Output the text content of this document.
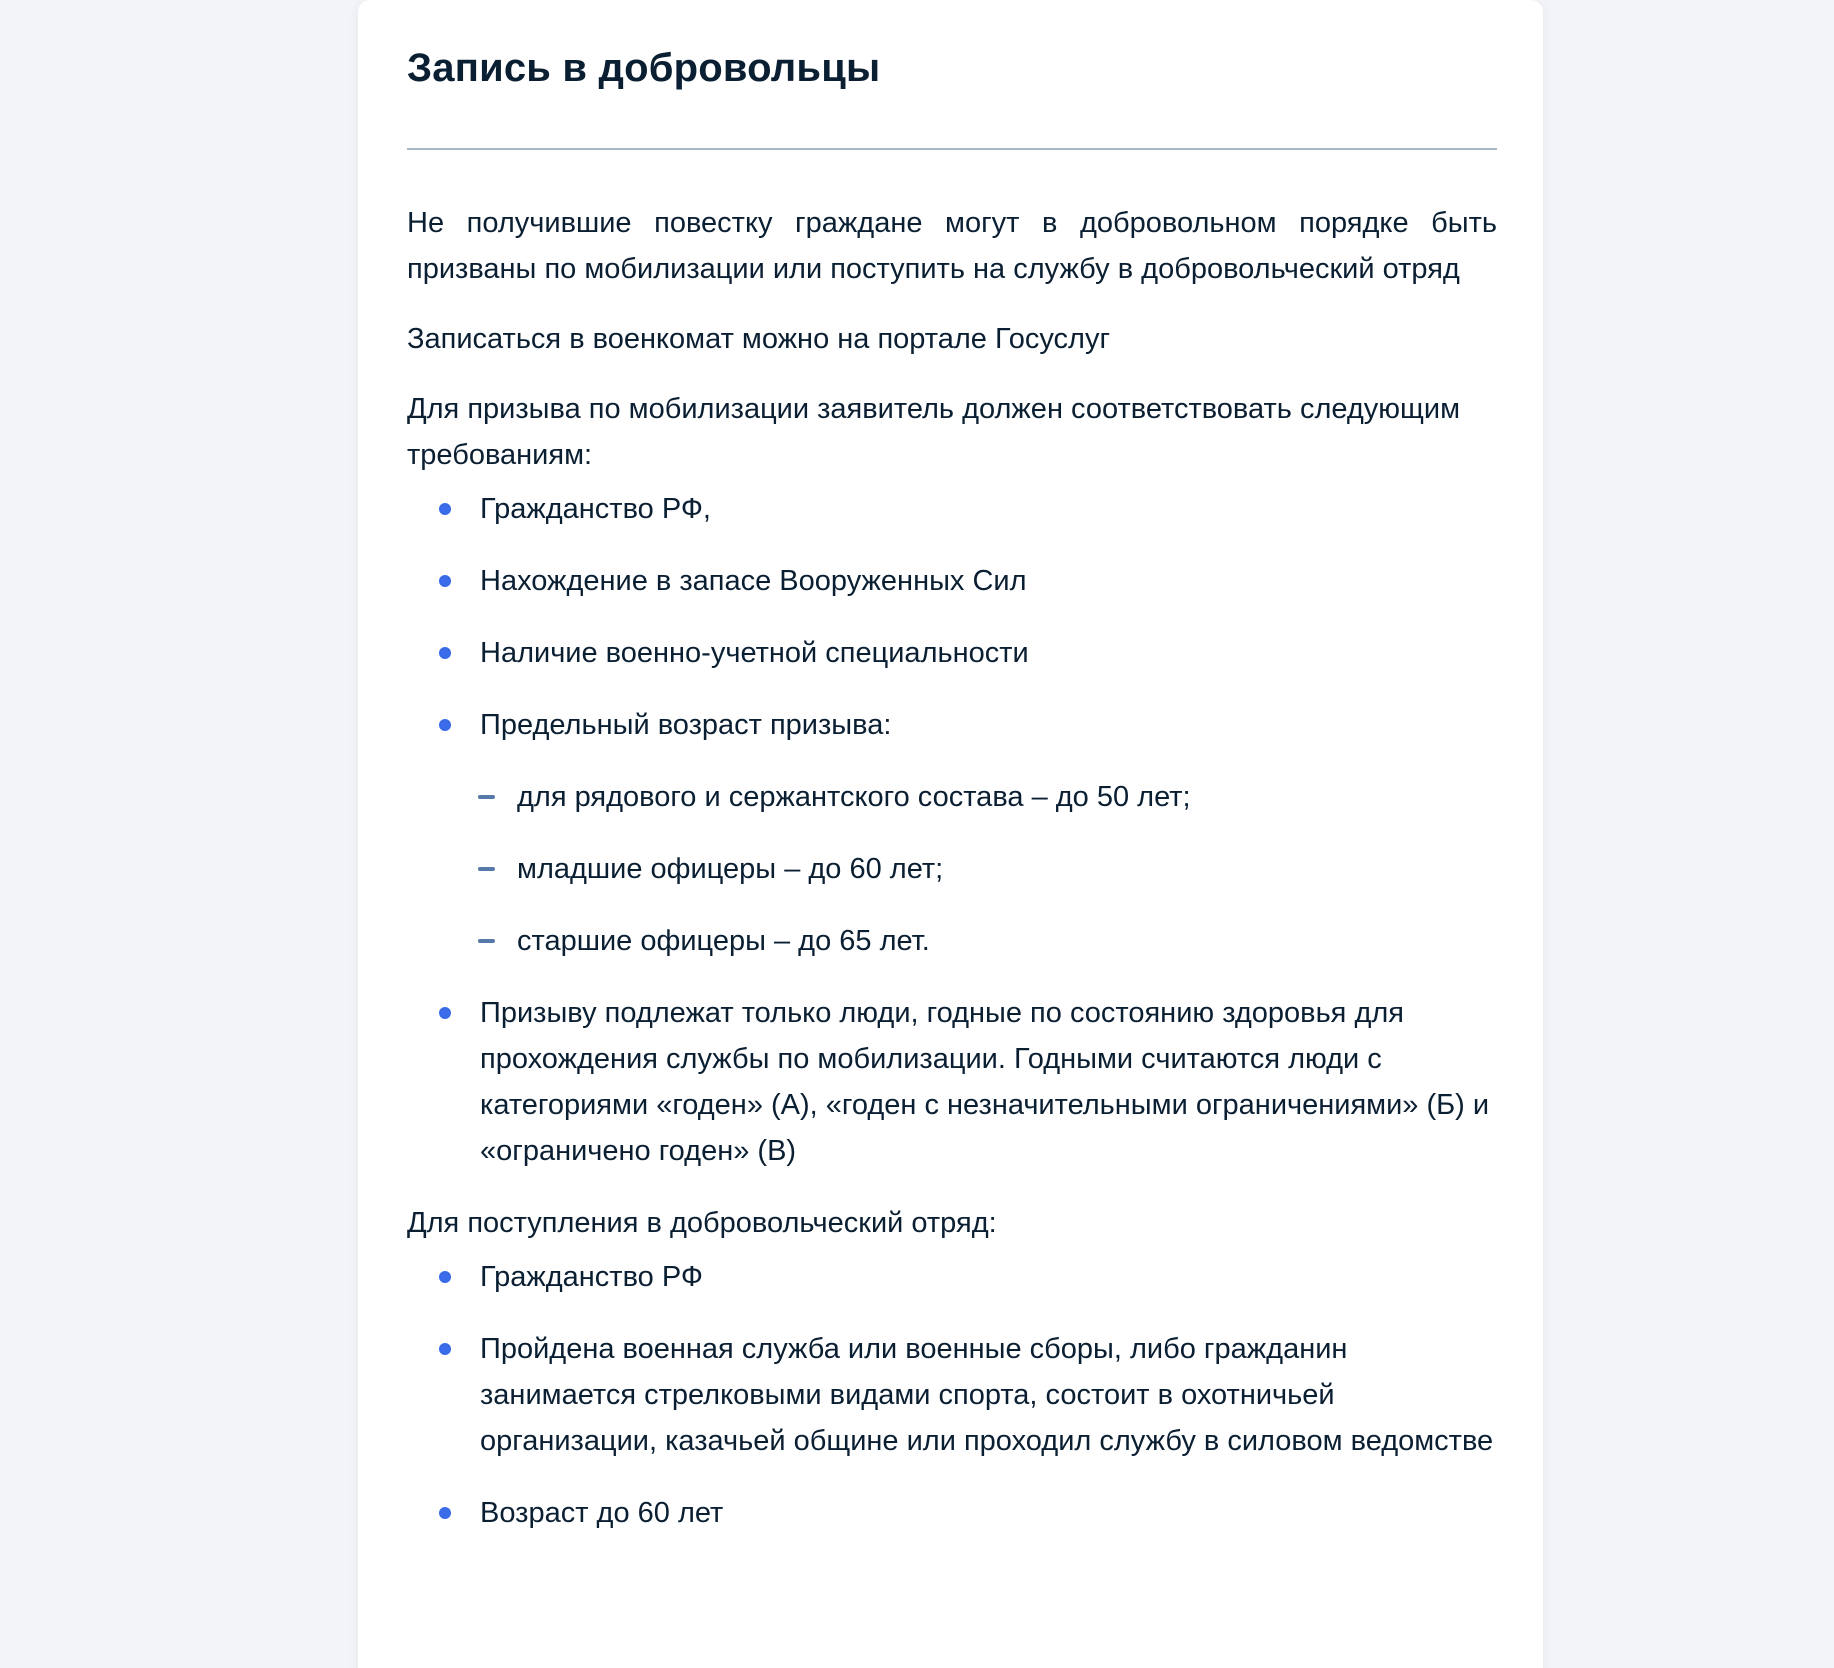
Запись в добровольцы

Не получившие повестку граждане могут в добровольном порядке быть призваны по мобилизации или поступить на службу в добровольческий отряд

Записаться в военкомат можно на портале Госуслуг

Для призыва по мобилизации заявитель должен соответствовать следующим требованиям:

Гражданство РФ,
Нахождение в запасе Вооруженных Сил
Наличие военно-учетной специальности
Предельный возраст призыва:
для рядового и сержантского состава – до 50 лет;
младшие офицеры – до 60 лет;
старшие офицеры – до 65 лет.
Призыву подлежат только люди, годные по состоянию здоровья для прохождения службы по мобилизации. Годными считаются люди с категориями «годен» (А), «годен с незначительными ограничениями» (Б) и «ограничено годен» (В)

Для поступления в добровольческий отряд:

Гражданство РФ
Пройдена военная служба или военные сборы, либо гражданин занимается стрелковыми видами спорта, состоит в охотничьей организации, казачьей общине или проходил службу в силовом ведомстве
Возраст до 60 лет
